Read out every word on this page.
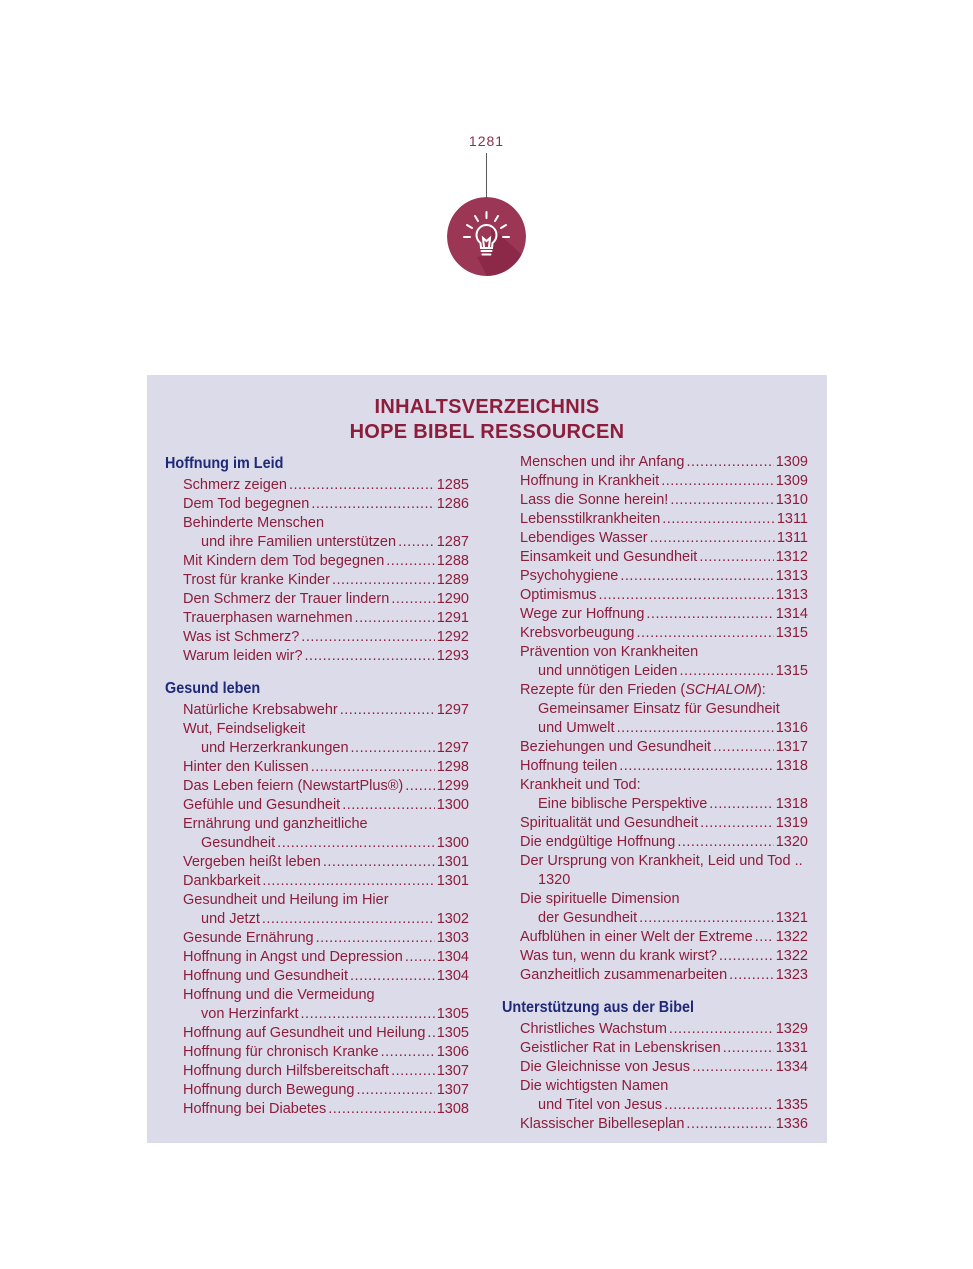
1281
INHALTSVERZEICHNIS
HOPE BIBEL RESSOURCEN
Hoffnung im Leid
Schmerz zeigen .....	1285
Dem Tod begegnen .....	1286
Behinderte Menschen
und ihre Familien unterstützen .....	1287
Mit Kindern dem Tod begegnen .....	1288
Trost für kranke Kinder .....	1289
Den Schmerz der Trauer lindern .....	1290
Trauerphasen warnehmen .....	1291
Was ist Schmerz? .....	1292
Warum leiden wir? .....	1293
Gesund leben
Natürliche Krebsabwehr .....	1297
Wut, Feindseligkeit
und Herzerkrankungen .....	1297
Hinter den Kulissen .....	1298
Das Leben feiern (NewstartPlus®) ..... 1299
Gefühle und Gesundheit .....	1300
Ernährung und ganzheitliche
Gesundheit .....	1300
Vergeben heißt leben .....	1301
Dankbarkeit .....	1301
Gesundheit und Heilung im Hier
und Jetzt .....	1302
Gesunde Ernährung .....	1303
Hoffnung in Angst und Depression ..... 1304
Hoffnung und Gesundheit .....	1304
Hoffnung und die Vermeidung
von Herzinfarkt .....	1305
Hoffnung auf Gesundheit und Heilung ..... 1305
Hoffnung für chronisch Kranke .....	1306
Hoffnung durch Hilfsbereitschaft .....	1307
Hoffnung durch Bewegung .....	1307
Hoffnung bei Diabetes .....	1308
Menschen und ihr Anfang .....	1309
Hoffnung in Krankheit .....	1309
Lass die Sonne herein! .....	1310
Lebensstilkrankheiten .....	1311
Lebendiges Wasser .....	1311
Einsamkeit und Gesundheit .....	1312
Psychohygiene .....	1313
Optimismus .....	1313
Wege zur Hoffnung .....	1314
Krebsvorbeugung .....	1315
Prävention von Krankheiten
und unnötigen Leiden .....	1315
Rezepte für den Frieden (SCHALOM):
Gemeinsamer Einsatz für Gesundheit
und Umwelt .....	1316
Beziehungen und Gesundheit .....	1317
Hoffnung teilen .....	1318
Krankheit und Tod:
Eine biblische Perspektive .....	1318
Spiritualität und Gesundheit .....	1319
Die endgültige Hoffnung .....	1320
Der Ursprung von Krankheit, Leid und Tod ..
1320
Die spirituelle Dimension
der Gesundheit .....	1321
Aufblühen in einer Welt der Extreme ..... 1322
Was tun, wenn du krank wirst? .....	1322
Ganzheitlich zusammenarbeiten .....	1323
Unterstützung aus der Bibel
Christliches Wachstum .....	1329
Geistlicher Rat in Lebenskrisen .....	1331
Die Gleichnisse von Jesus .....	1334
Die wichtigsten Namen
und Titel von Jesus .....	1335
Klassischer Bibelleseplan .....	1336
